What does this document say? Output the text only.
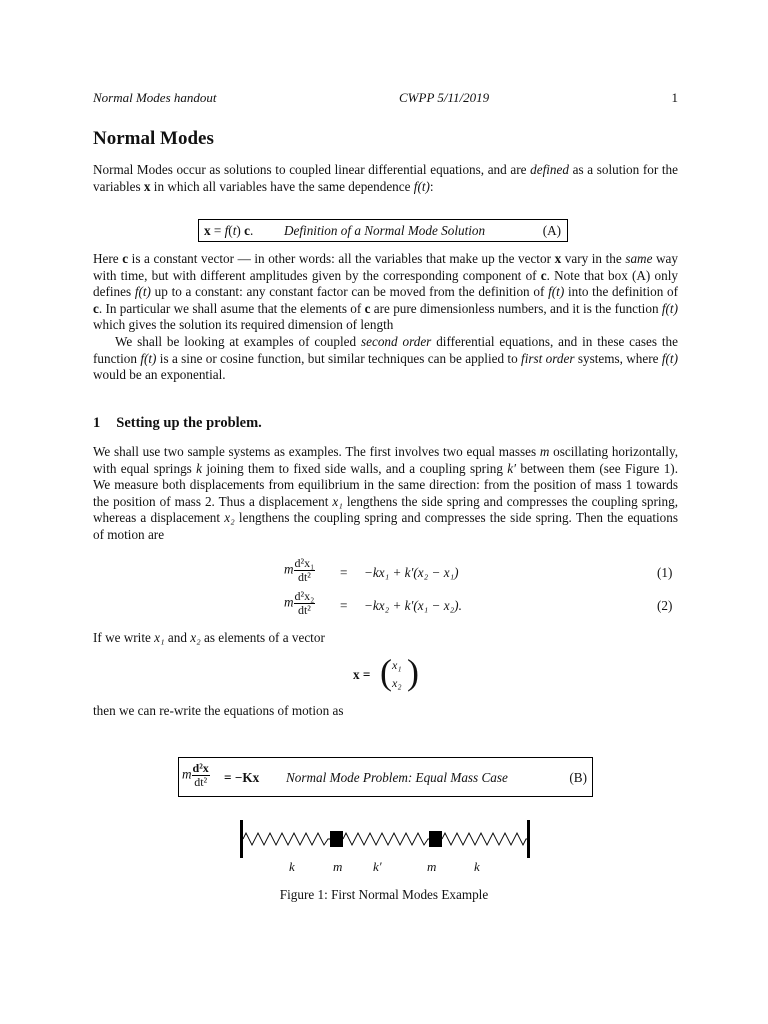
Normal Modes handout	CWPP 5/11/2019	1
Normal Modes

Normal Modes occur as solutions to coupled linear differential equations, and are defined as a solution for the variables x in which all variables have the same dependence f(t):

x = f(t) c. Definition of a Normal Mode Solution	(A)

Here c is a constant vector — in other words: all the variables that make up the vector x vary in the same way with time, but with different amplitudes given by the corresponding component of c. Note that box (A) only defines f(t) up to a constant: any constant factor can be moved from the definition of f(t) into the definition of c. In particular we shall asume that the elements of c are pure dimensionless numbers, and it is the function f(t) which gives the solution its required dimension of length

We shall be looking at examples of coupled second order differential equations, and in these cases the function f(t) is a sine or cosine function, but similar techniques can be applied to first order systems, where f(t) would be an exponential.

1 Setting up the problem.

We shall use two sample systems as examples. The first involves two equal masses m oscillating horizontally, with equal springs k joining them to fixed side walls, and a coupling spring k′ between them (see Figure 1). We measure both displacements from equilibrium in the same direction: from the position of mass 1 towards the position of mass 2. Thus a displacement x₁ lengthens the side spring and compresses the coupling spring, whereas a displacement x₂ lengthens the coupling spring and compresses the side spring. Then the equations of motion are

m $\frac{\text{d²x₁}}{\text{dt²}} = -kx_1 + k'(x_2 - x_1)$	(1)
m $\frac{\text{d²x₂}}{\text{dt²}} = -kx_2 + k'(x_1 - x_2)$.	(2)

If we write x₁ and x₂ as elements of a vector

x = ( x₁
x₂ )
then we can re-write the equations of motion as
m $\frac{\text{d²x}}{\text{dt²}} = -Kx$ Normal Mode Problem: Equal Mass Case	(B)
k	m k′	m	k
Figure 1: First Normal Modes Example
